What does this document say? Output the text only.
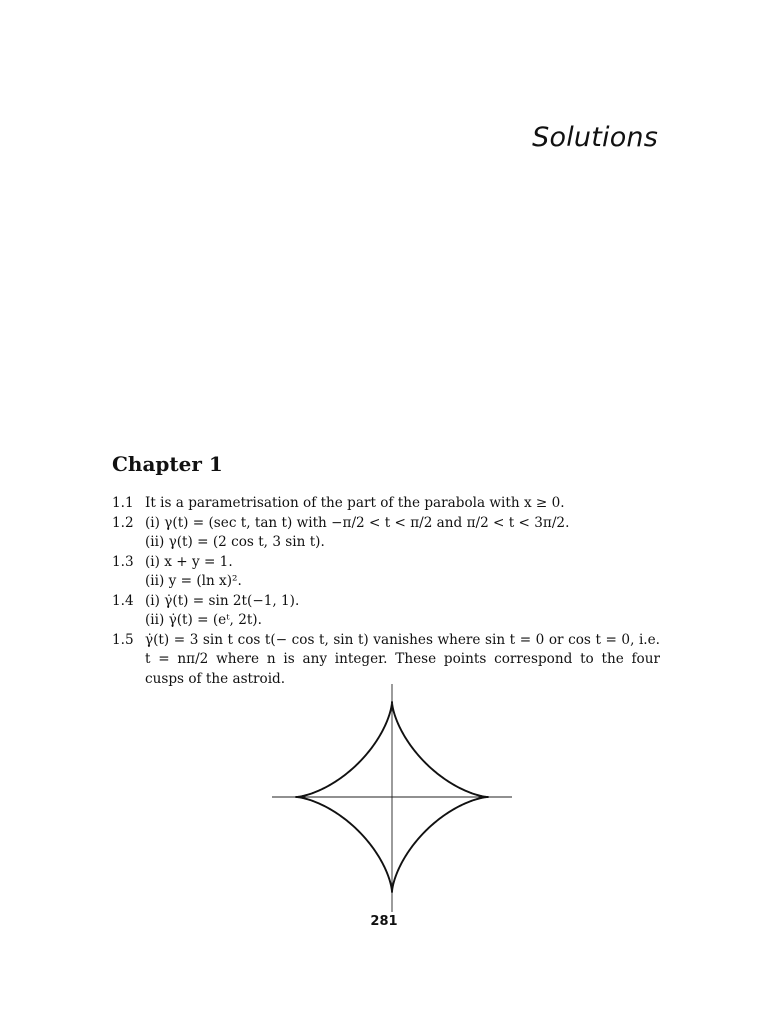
Solutions
Chapter 1
1.1 It is a parametrisation of the part of the parabola with x ≥ 0.
1.2 (i) γ(t) = (sec t, tan t) with −π/2 < t < π/2 and π/2 < t < 3π/2.
(ii) γ(t) = (2 cos t, 3 sin t).
1.3 (i) x + y = 1.
(ii) y = (ln x)².
1.4 (i) γ̇(t) = sin 2t(−1, 1).
(ii) γ̇(t) = (eᵗ, 2t).
1.5 γ̇(t) = 3 sin t cos t(− cos t, sin t) vanishes where sin t = 0 or cos t = 0, i.e.
t = nπ/2 where n is any integer. These points correspond to the four
cusps of the astroid.
281
